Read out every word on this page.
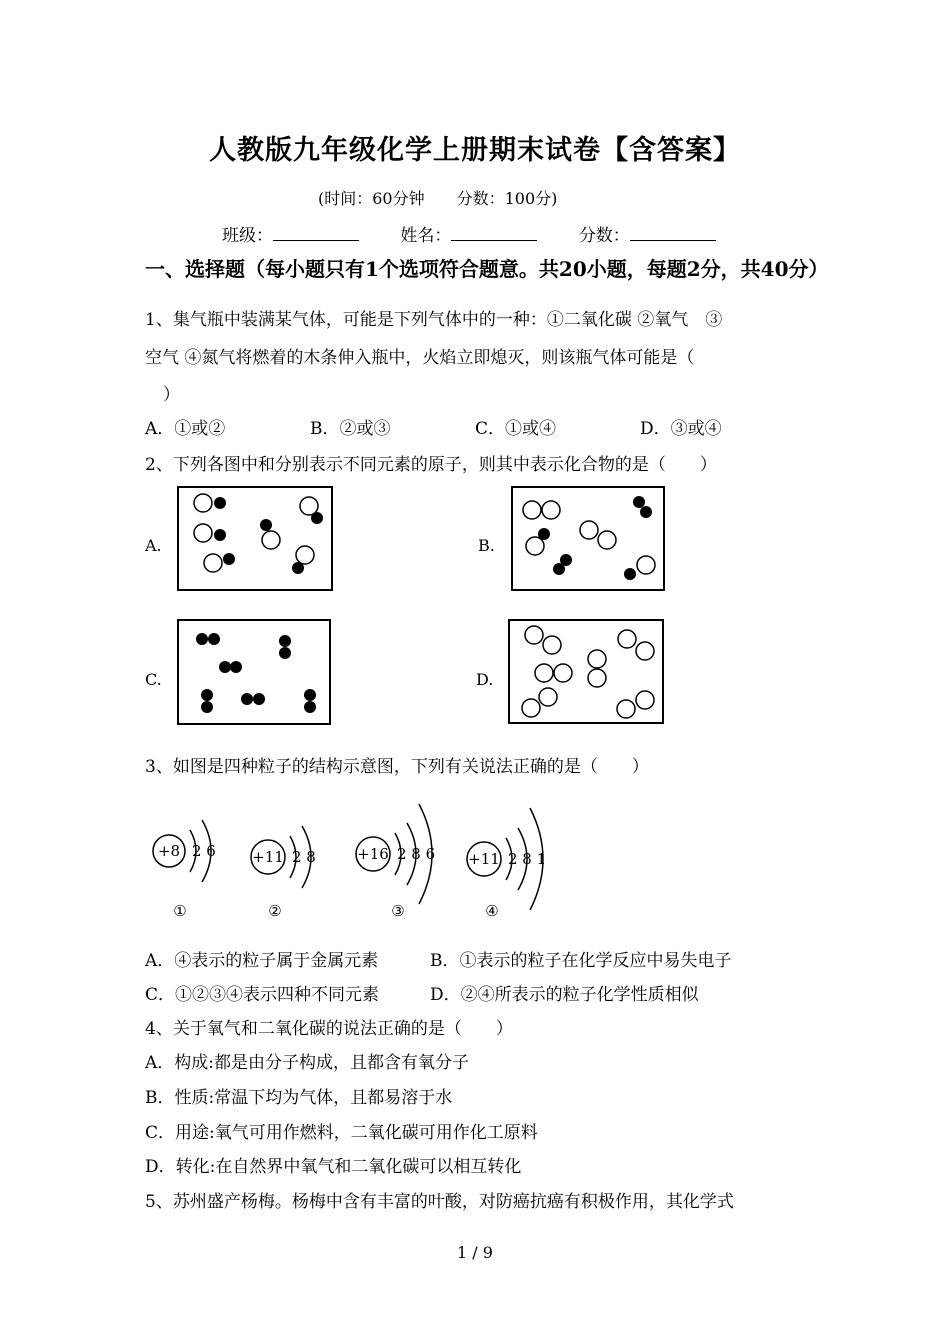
人教版九年级化学上册期末试卷【含答案】
(时间：60分钟　　分数：100分)
班级：	姓名：	分数：
一、选择题（每小题只有1个选项符合题意。共20小题，每题2分，共40分）
1、集气瓶中装满某气体，可能是下列气体中的一种：①二氧化碳 ②氧气　③
空气 ④氮气将燃着的木条伸入瓶中，火焰立即熄灭，则该瓶气体可能是（
）
A．①或②	B．②或③	C．①或④	D．③或④
2、下列各图中和分别表示不同元素的原子，则其中表示化合物的是（　　）
A.	B.
C.	D.
3、如图是四种粒子的结构示意图，下列有关说法正确的是（　　）
+8 2 6 +11 2 8	+16 2 8 6 +11 2 8 1
①	②	③	④
A．④表示的粒子属于金属元素	B．①表示的粒子在化学反应中易失电子
C．①②③④表示四种不同元素	D．②④所表示的粒子化学性质相似
4、关于氧气和二氧化碳的说法正确的是（　　）
A．构成:都是由分子构成，且都含有氧分子
B．性质:常温下均为气体，且都易溶于水
C．用途:氧气可用作燃料，二氧化碳可用作化工原料
D．转化:在自然界中氧气和二氧化碳可以相互转化
5、苏州盛产杨梅。杨梅中含有丰富的叶酸，对防癌抗癌有积极作用，其化学式
1 / 9
